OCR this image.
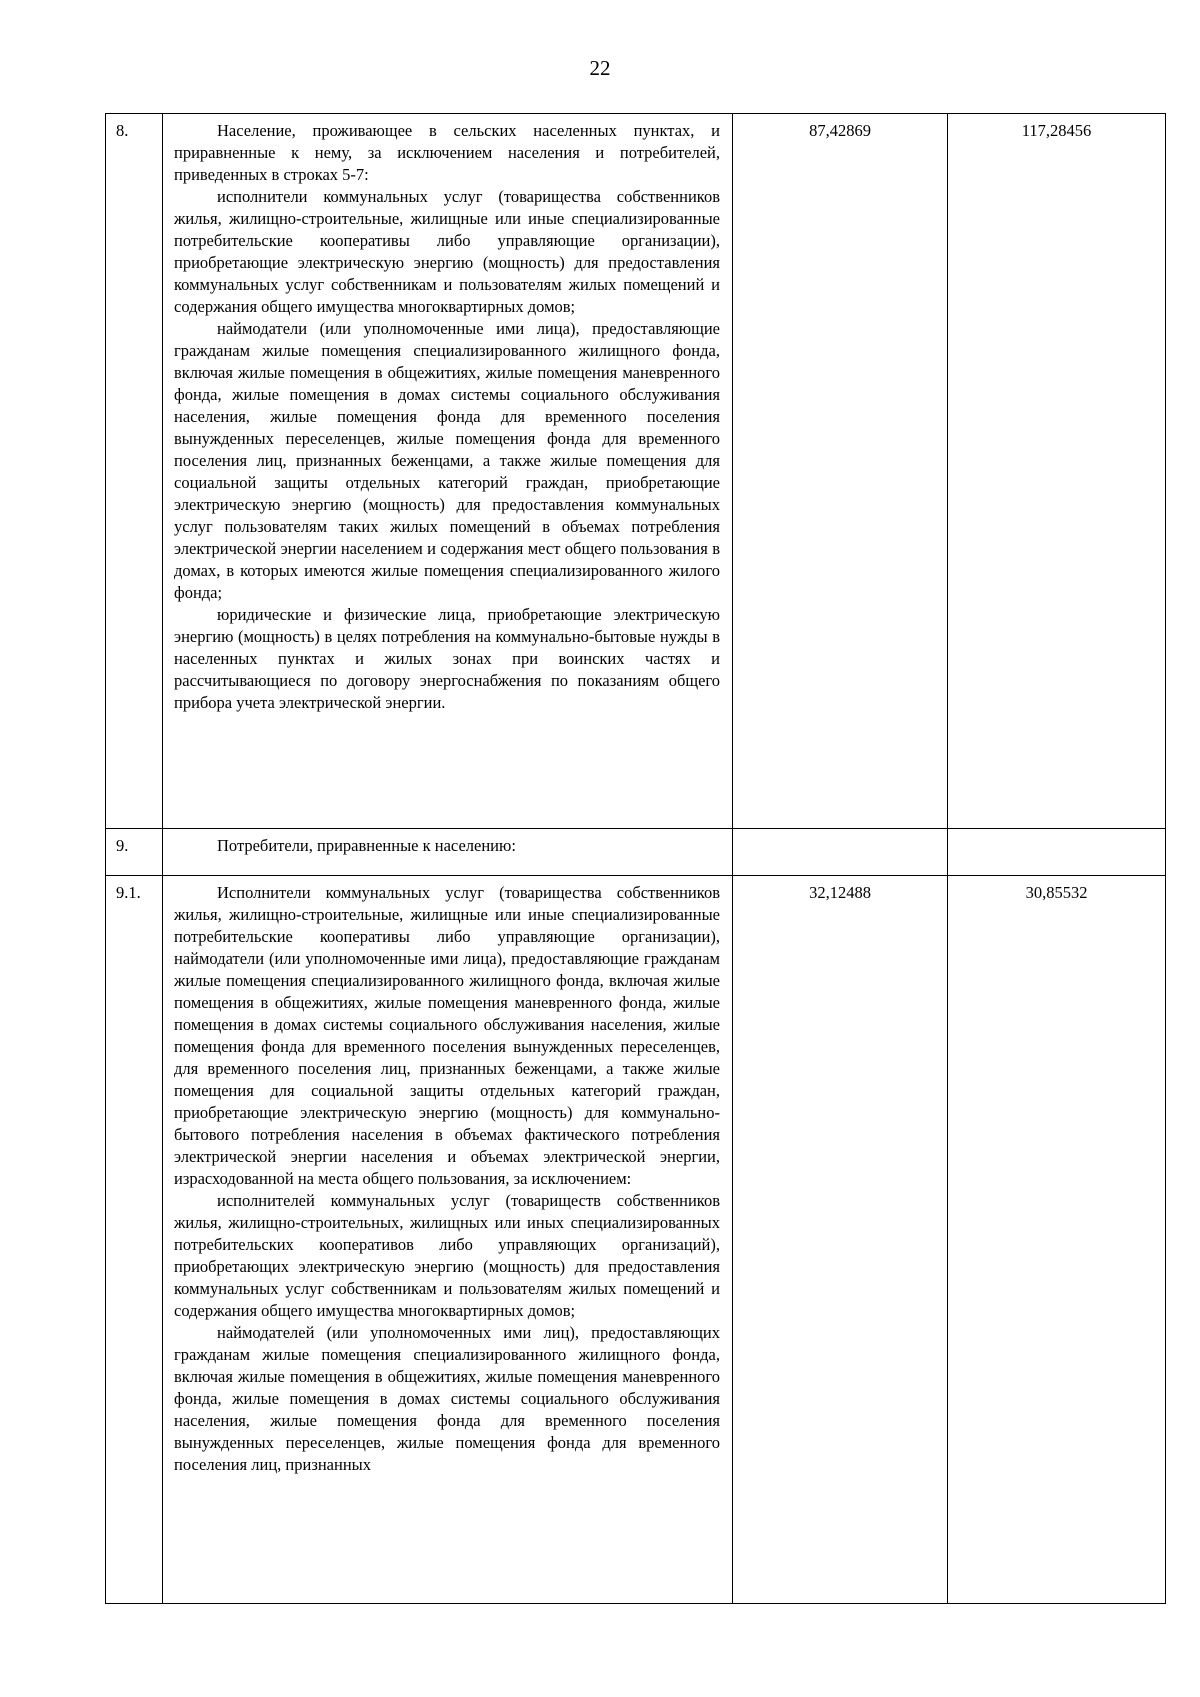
22
8.	Население, проживающее в сельских населенных пунктах, и приравненные к нему, за исключением населения и потребителей, приведенных в строках 5-7:

исполнители коммунальных услуг (товарищества собственников жилья, жилищно-строительные, жилищные или иные специализированные потребительские кооперативы либо управляющие организации), приобретающие электрическую энергию (мощность) для предоставления коммунальных услуг собственникам и пользователям жилых помещений и содержания общего имущества многоквартирных домов;

наймодатели (или уполномоченные ими лица), предоставляющие гражданам жилые помещения специализированного жилищного фонда, включая жилые помещения в общежитиях, жилые помещения маневренного фонда, жилые помещения в домах системы социального обслуживания населения, жилые помещения фонда для временного поселения вынужденных переселенцев, жилые помещения фонда для временного поселения лиц, признанных беженцами, а также жилые помещения для социальной защиты отдельных категорий граждан, приобретающие электрическую энергию (мощность) для предоставления коммунальных услуг пользователям таких жилых помещений в объемах потребления электрической энергии населением и содержания мест общего пользования в домах, в которых имеются жилые помещения специализированного жилого фонда;

юридические и физические лица, приобретающие электрическую энергию (мощность) в целях потребления на коммунально-бытовые нужды в населенных пунктах и жилых зонах при воинских частях и рассчитывающиеся по договору энергоснабжения по показаниям общего прибора учета электрической энергии.	87,42869	117,28456
9.	Потребители, приравненные к населению:		

9.1.	Исполнители коммунальных услуг (товарищества собственников жилья, жилищно-строительные, жилищные или иные специализированные потребительские кооперативы либо управляющие организации), наймодатели (или уполномоченные ими лица), предоставляющие гражданам жилые помещения специализированного жилищного фонда, включая жилые помещения в общежитиях, жилые помещения маневренного фонда, жилые помещения в домах системы социального обслуживания населения, жилые помещения фонда для временного поселения вынужденных переселенцев, для временного поселения лиц, признанных беженцами, а также жилые помещения для социальной защиты отдельных категорий граждан, приобретающие электрическую энергию (мощность) для коммунально-бытового потребления населения в объемах фактического потребления электрической энергии населения и объемах электрической энергии, израсходованной на места общего пользования, за исключением:

исполнителей коммунальных услуг (товариществ собственников жилья, жилищно-строительных, жилищных или иных специализированных потребительских кооперативов либо управляющих организаций), приобретающих электрическую энергию (мощность) для предоставления коммунальных услуг собственникам и пользователям жилых помещений и содержания общего имущества многоквартирных домов;

наймодателей (или уполномоченных ими лиц), предоставляющих гражданам жилые помещения специализированного жилищного фонда, включая жилые помещения в общежитиях, жилые помещения маневренного фонда, жилые помещения в домах системы социального обслуживания населения, жилые помещения фонда для временного поселения вынужденных переселенцев, жилые помещения фонда для временного поселения лиц, признанных	32,12488	30,85532
